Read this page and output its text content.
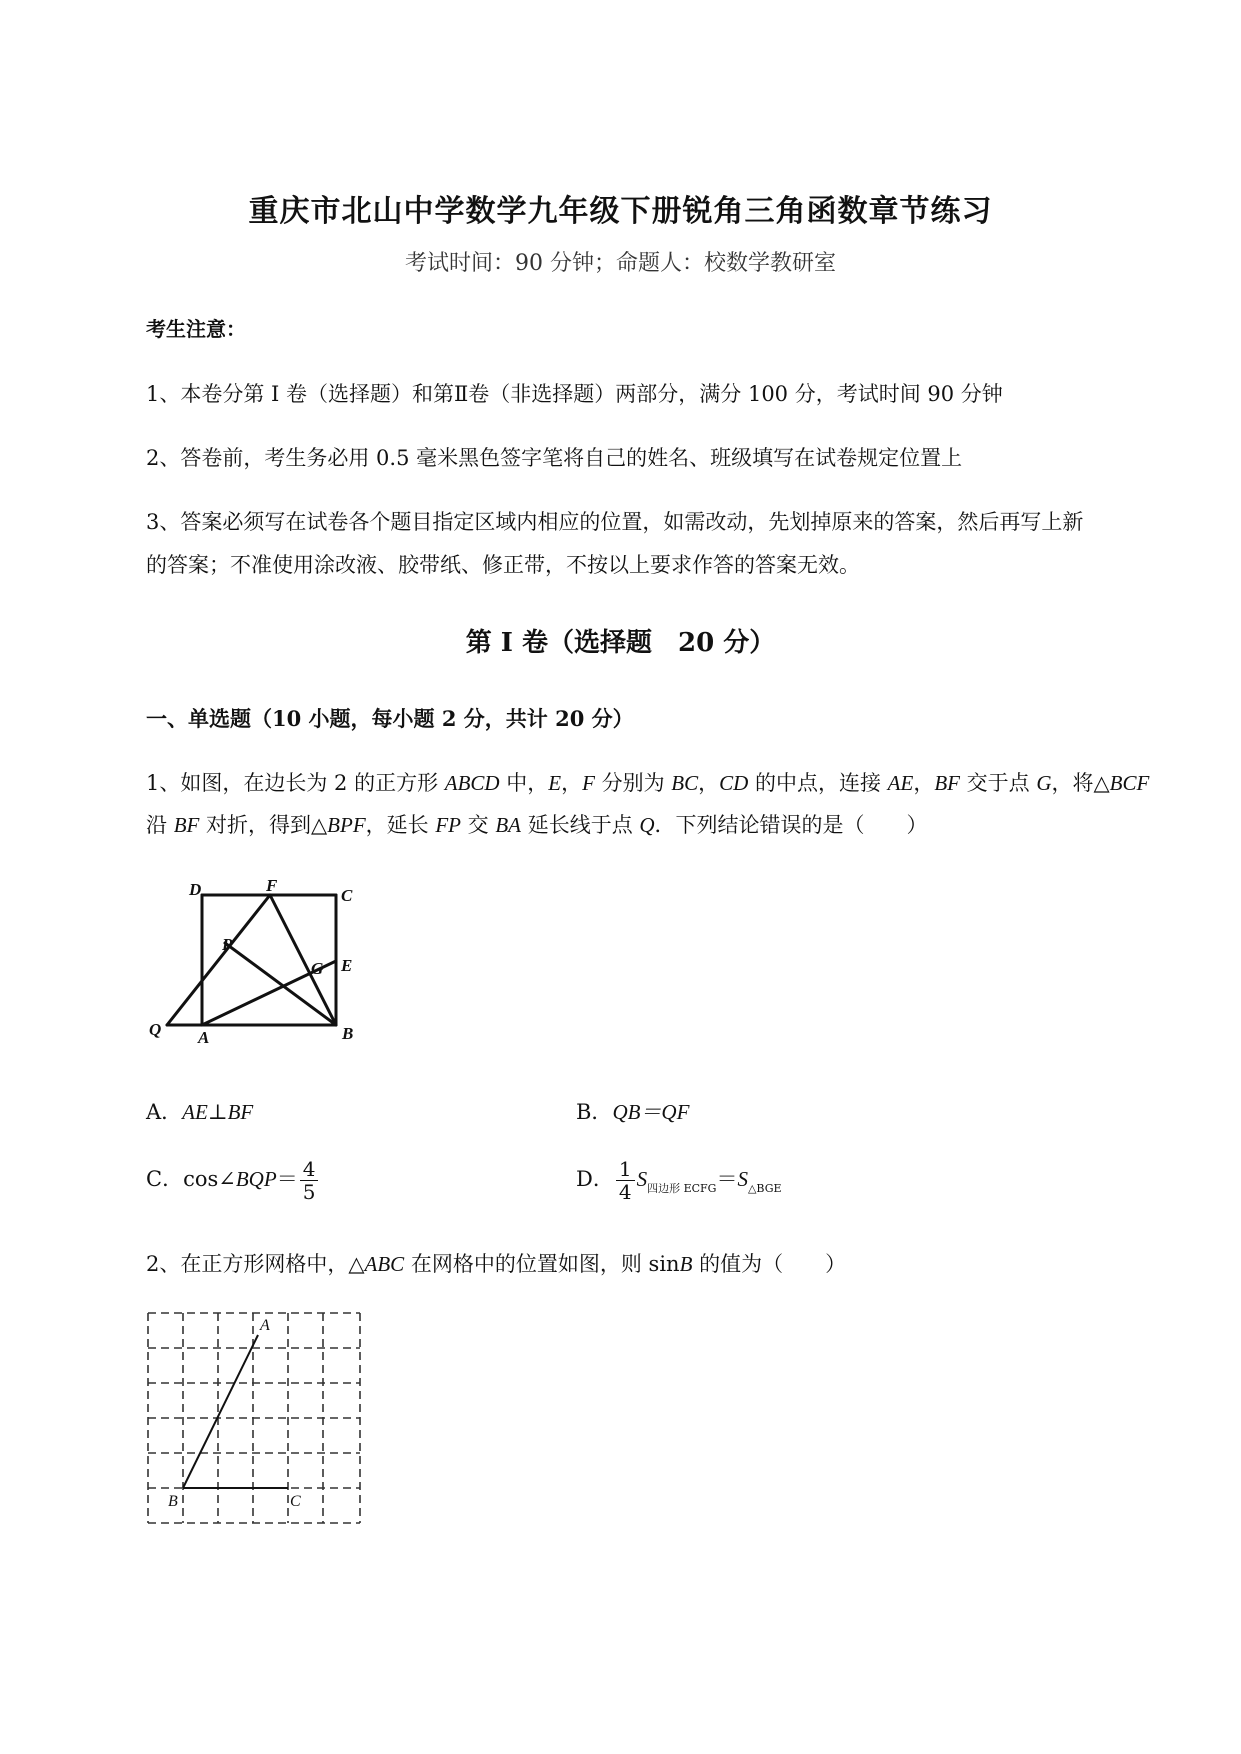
重庆市北山中学数学九年级下册锐角三角函数章节练习
考试时间：90 分钟；命题人：校数学教研室
考生注意：
1、本卷分第 I 卷（选择题）和第Ⅱ卷（非选择题）两部分，满分 100 分，考试时间 90 分钟
2、答卷前，考生务必用 0.5 毫米黑色签字笔将自己的姓名、班级填写在试卷规定位置上
3、答案必须写在试卷各个题目指定区域内相应的位置，如需改动，先划掉原来的答案，然后再写上新
的答案；不准使用涂改液、胶带纸、修正带，不按以上要求作答的答案无效。
第 I 卷（选择题　20 分）
一、单选题（10 小题，每小题 2 分，共计 20 分）
1、如图，在边长为 2 的正方形 ABCD 中，E，F 分别为 BC，CD 的中点，连接 AE，BF 交于点 G，将△BCF
沿 BF 对折，得到△BPF，延长 FP 交 BA 延长线于点 Q．下列结论错误的是（　　）
D	F
C
P
G E
Q A	B
A．AE⊥BF	B．QB＝QF
C．cos∠BQP＝ $\frac{4}{5}$	D． $\frac{1}{4} S_{四边形 ECFG}=S_{\triangle BGE}$
2、在正方形网格中，△ABC 在网格中的位置如图，则 sinB 的值为（　　）
A
B	C
